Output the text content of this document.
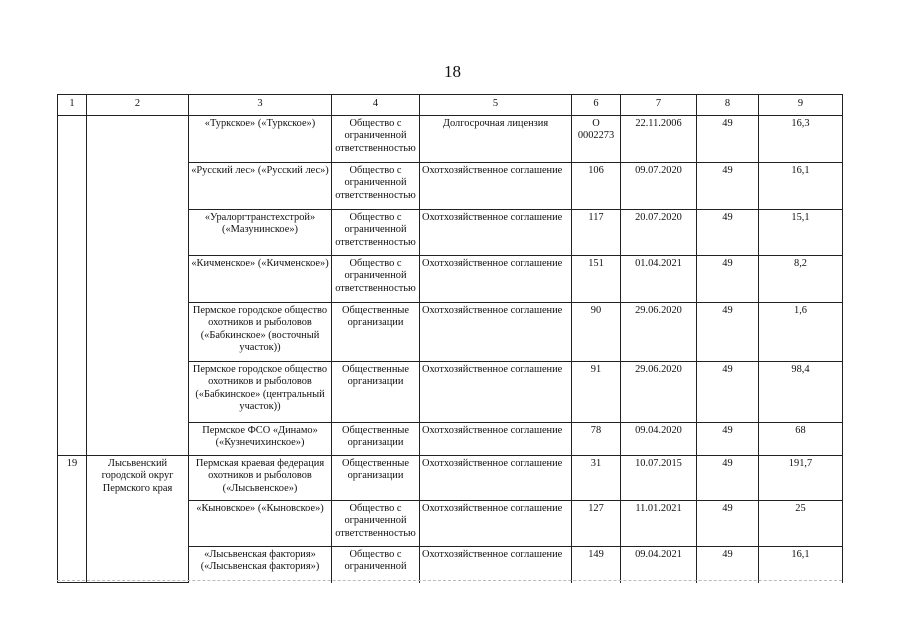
18
1	2	3	4	5	6	7	8	9
		«Туркское» («Туркское»)	Общество с ограниченной ответственностью	Долгосрочная лицензия	О 0002273	22.11.2006	49	16,3
		«Русский лес» («Русский лес»)	Общество с ограниченной ответственностью	Охотхозяйственное соглашение	106	09.07.2020	49	16,1
		«Уралоргтранстехстрой» («Мазунинское»)	Общество с ограниченной ответственностью	Охотхозяйственное соглашение	117	20.07.2020	49	15,1
		«Кичменское» («Кичменское»)	Общество с ограниченной ответственностью	Охотхозяйственное соглашение	151	01.04.2021	49	8,2
		Пермское городское общество охотников и рыболовов («Бабкинское» (восточный участок))	Общественные организации	Охотхозяйственное соглашение	90	29.06.2020	49	1,6
		Пермское городское общество охотников и рыболовов («Бабкинское» (центральный участок))	Общественные организации	Охотхозяйственное соглашение	91	29.06.2020	49	98,4
		Пермское ФСО «Динамо» («Кузнечихинское»)	Общественные организации	Охотхозяйственное соглашение	78	09.04.2020	49	68
19	Лысьвенский городской округ Пермского края	Пермская краевая федерация охотников и рыболовов («Лысьвенское»)	Общественные организации	Охотхозяйственное соглашение	31	10.07.2015	49	191,7
		«Кыновское» («Кыновское»)	Общество с ограниченной ответственностью	Охотхозяйственное соглашение	127	11.01.2021	49	25
		«Лысьвенская фактория» («Лысьвенская фактория»)	Общество с ограниченной	Охотхозяйственное соглашение	149	09.04.2021	49	16,1
